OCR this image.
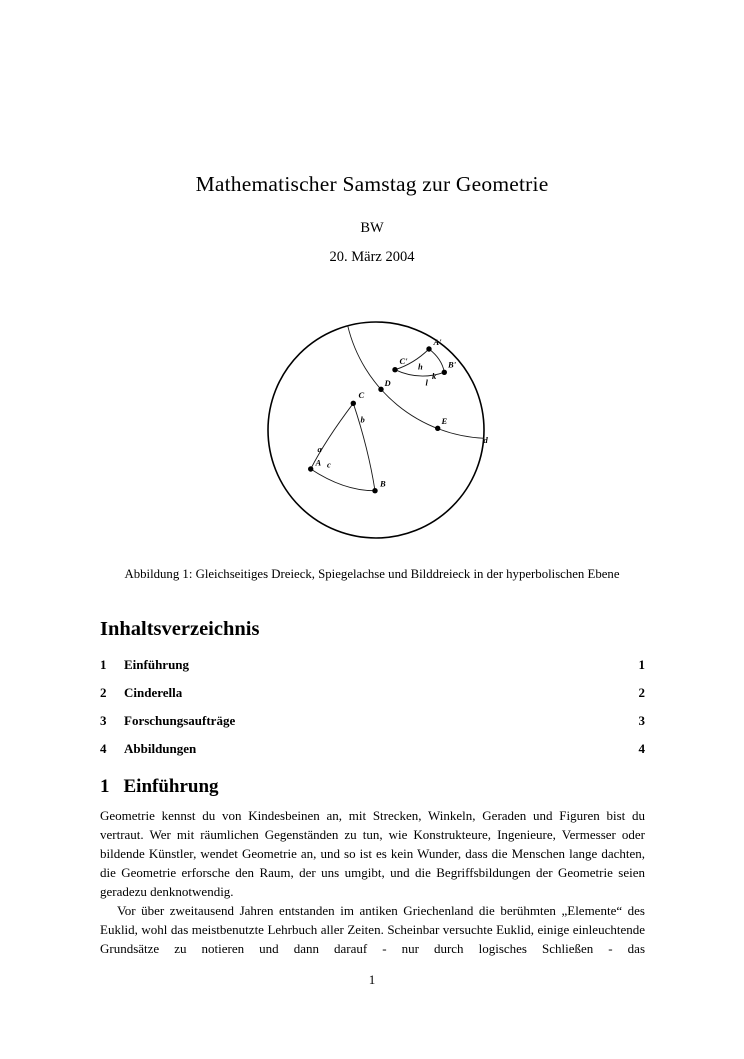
Mathematischer Samstag zur Geometrie
BW
20. März 2004
A
B
C
a
b
c
A'
B'
C'
h
k
l
D
E
d
Abbildung 1: Gleichseitiges Dreieck, Spiegelachse und Bilddreieck in der hyperbolischen Ebene
Inhaltsverzeichnis
1	Einführung	1
2	Cinderella	2
3	Forschungsaufträge	3
4	Abbildungen	4
1 Einführung

Geometrie kennst du von Kindesbeinen an, mit Strecken, Winkeln, Geraden und Figuren bist du vertraut. Wer mit räumlichen Gegenständen zu tun, wie Konstrukteure, Ingenieure, Vermesser oder bildende Künstler, wendet Geometrie an, und so ist es kein Wunder, dass die Menschen lange dachten, die Geometrie erforsche den Raum, der uns umgibt, und die Begriffsbildungen der Geometrie seien geradezu denknotwendig.

Vor über zweitausend Jahren entstanden im antiken Griechenland die berühmten „Elemente“ des Euklid, wohl das meistbenutzte Lehrbuch aller Zeiten. Scheinbar versuchte Euklid, einige einleuchtende Grundsätze zu notieren und dann darauf - nur durch logisches Schließen - das

1
